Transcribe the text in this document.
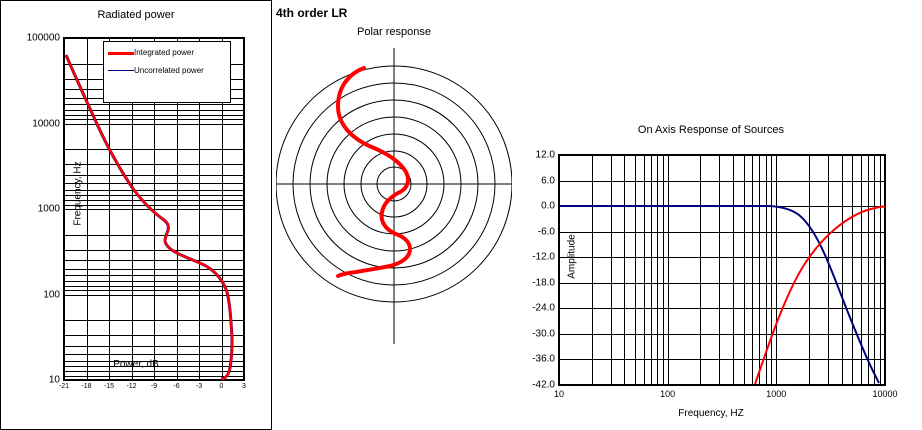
Radiated power
100000
10000
1000
100
10
-21 -18 -15 -12 -9 -6 -3 0	3
Frequency, Hz
Power, dB
Integrated power
Uncorrelated power
4th order LR
Polar response
On Axis Response of Sources
12.0
6.0
0.0
-6.0
-12.0
-18.0
-24.0
-30.0
-36.0
-42.0
10	100	1000	10000
Amplitude
Frequency, HZ
